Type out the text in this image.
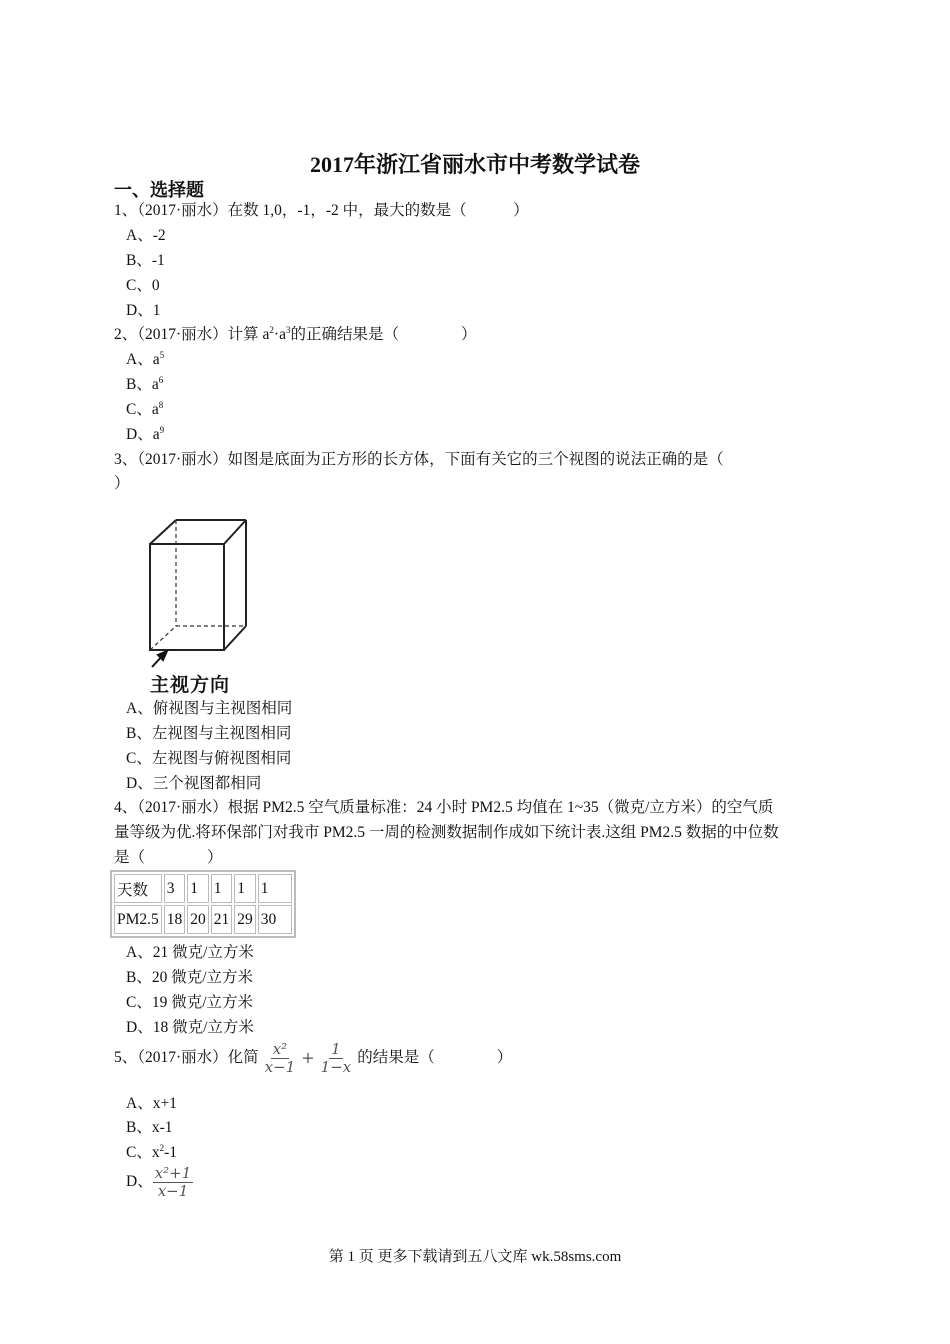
2017年浙江省丽水市中考数学试卷
一、选择题
1、（2017·丽水）在数 1,0，-1，-2 中，最大的数是（　　　）
A、-2
B、-1
C、0
D、1
2、（2017·丽水）计算 $a^2\cdot a^3$的正确结果是（　　　　）
A、$a^5$
B、$a^6$
C、$a^8$
D、$a^9$
3、（2017·丽水）如图是底面为正方形的长方体，下面有关它的三个视图的说法正确的是（
）
主视方向
A、俯视图与主视图相同
B、左视图与主视图相同
C、左视图与俯视图相同
D、三个视图都相同
4、（2017·丽水）根据 PM2.5 空气质量标准：24 小时 PM2.5 均值在 1~35（微克/立方米）的空气质
量等级为优.将环保部门对我市 PM2.5 一周的检测数据制作成如下统计表.这组 PM2.5 数据的中位数
是（　　　　）
天数	3	1	1	1	1
PM2.5	18	20	21	29	30
A、21 微克/立方米
B、20 微克/立方米
C、19 微克/立方米
D、18 微克/立方米
5、（2017·丽水）化简 $\frac{\text{x²}}{x-1} + \frac{1}{1-x}$ 的结果是（　　　　）
A、x+1
B、x-1
C、$x^2-1$
D、 $\frac{\text{x²+1}}{x-1}$
第 1 页 更多下载请到五八文库 wk.58sms.com
